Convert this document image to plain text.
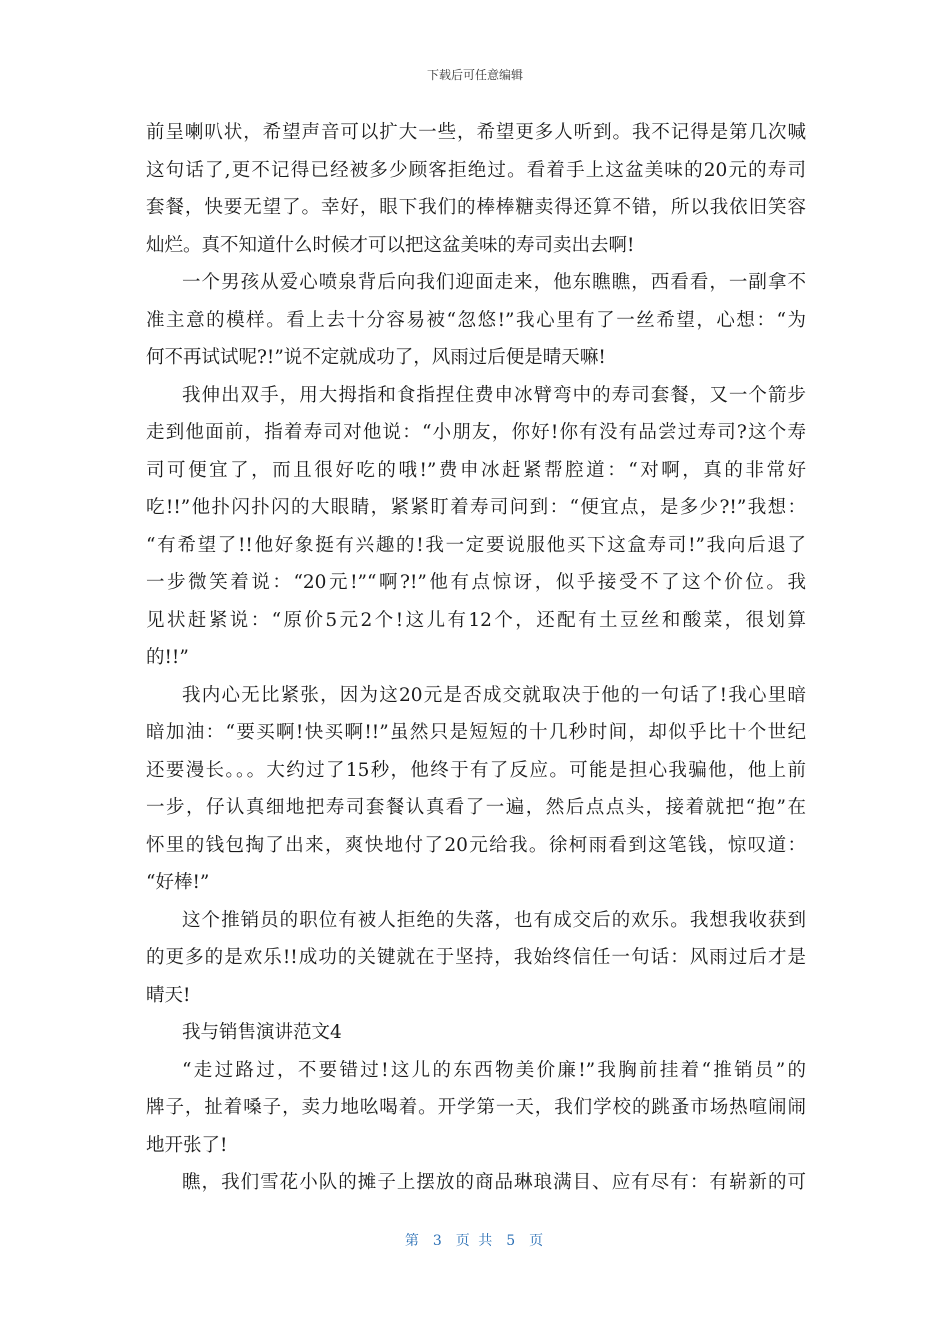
下载后可任意编辑
前呈喇叭状，希望声音可以扩大一些，希望更多人听到。我不记得是第几次喊
这句话了,更不记得已经被多少顾客拒绝过。看着手上这盆美味的20元的寿司
套餐，快要无望了。幸好，眼下我们的棒棒糖卖得还算不错，所以我依旧笑容
灿烂。真不知道什么时候才可以把这盆美味的寿司卖出去啊!
一个男孩从爱心喷泉背后向我们迎面走来，他东瞧瞧，西看看，一副拿不
准主意的模样。看上去十分容易被“忽悠!”我心里有了一丝希望，心想：“为
何不再试试呢?!”说不定就成功了，风雨过后便是晴天嘛!
我伸出双手，用大拇指和食指捏住费申冰臂弯中的寿司套餐，又一个箭步
走到他面前，指着寿司对他说：“小朋友，你好!你有没有品尝过寿司?这个寿
司可便宜了，而且很好吃的哦!”费申冰赶紧帮腔道：“对啊，真的非常好
吃!!”他扑闪扑闪的大眼睛，紧紧盯着寿司问到：“便宜点，是多少?!”我想：
“有希望了!!他好象挺有兴趣的!我一定要说服他买下这盒寿司!”我向后退了
一步微笑着说：“20元!”“啊?!”他有点惊讶，似乎接受不了这个价位。我
见状赶紧说：“原价5元2个!这儿有12个，还配有土豆丝和酸菜，很划算
的!!”
我内心无比紧张，因为这20元是否成交就取决于他的一句话了!我心里暗
暗加油：“要买啊!快买啊!!”虽然只是短短的十几秒时间，却似乎比十个世纪
还要漫长。。。大约过了15秒，他终于有了反应。可能是担心我骗他，他上前
一步，仔认真细地把寿司套餐认真看了一遍，然后点点头，接着就把“抱”在
怀里的钱包掏了出来，爽快地付了20元给我。徐柯雨看到这笔钱，惊叹道：
“好棒!”
这个推销员的职位有被人拒绝的失落，也有成交后的欢乐。我想我收获到
的更多的是欢乐!!成功的关键就在于坚持，我始终信任一句话：风雨过后才是
晴天!
我与销售演讲范文4
“走过路过，不要错过!这儿的东西物美价廉!”我胸前挂着“推销员”的
牌子，扯着嗓子，卖力地吆喝着。开学第一天，我们学校的跳蚤市场热喧闹闹
地开张了!
瞧，我们雪花小队的摊子上摆放的商品琳琅满目、应有尽有：有崭新的可
第 3 页 共 5 页
